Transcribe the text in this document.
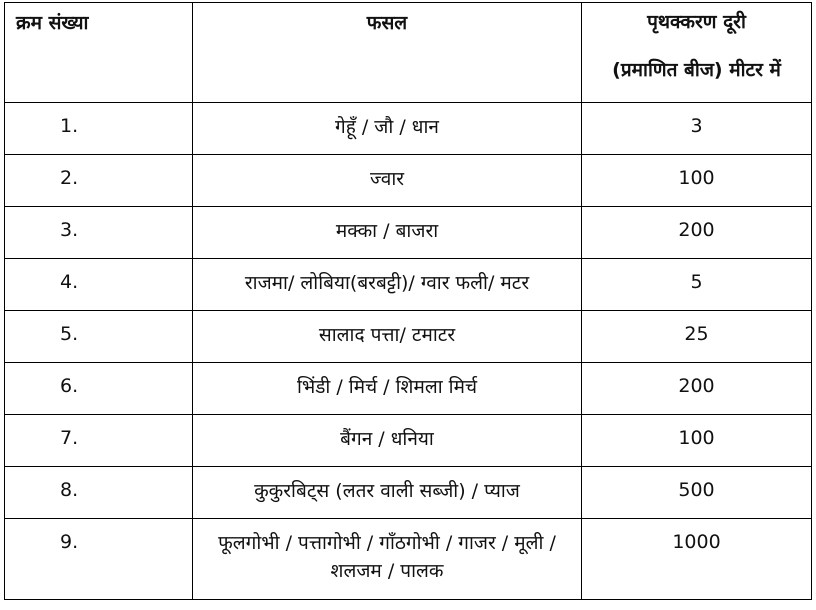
क्रम संख्या	फसल	पृथक्करण दूरी
(प्रमाणित बीज) मीटर में

1.	गेहूँ / जौ / धान	3
2.	ज्वार	100
3.	मक्का / बाजरा	200
4.	राजमा/ लोबिया(बरबट्टी)/ ग्वार फली/ मटर	5
5.	सालाद पत्ता/ टमाटर	25
6.	भिंडी / मिर्च / शिमला मिर्च	200
7.	बैंगन / धनिया	100
8.	कुकुरबिट्स (लतर वाली सब्जी) / प्याज	500
9.	फूलगोभी / पत्तागोभी / गाँठगोभी / गाजर / मूली / शलजम / पालक	1000
